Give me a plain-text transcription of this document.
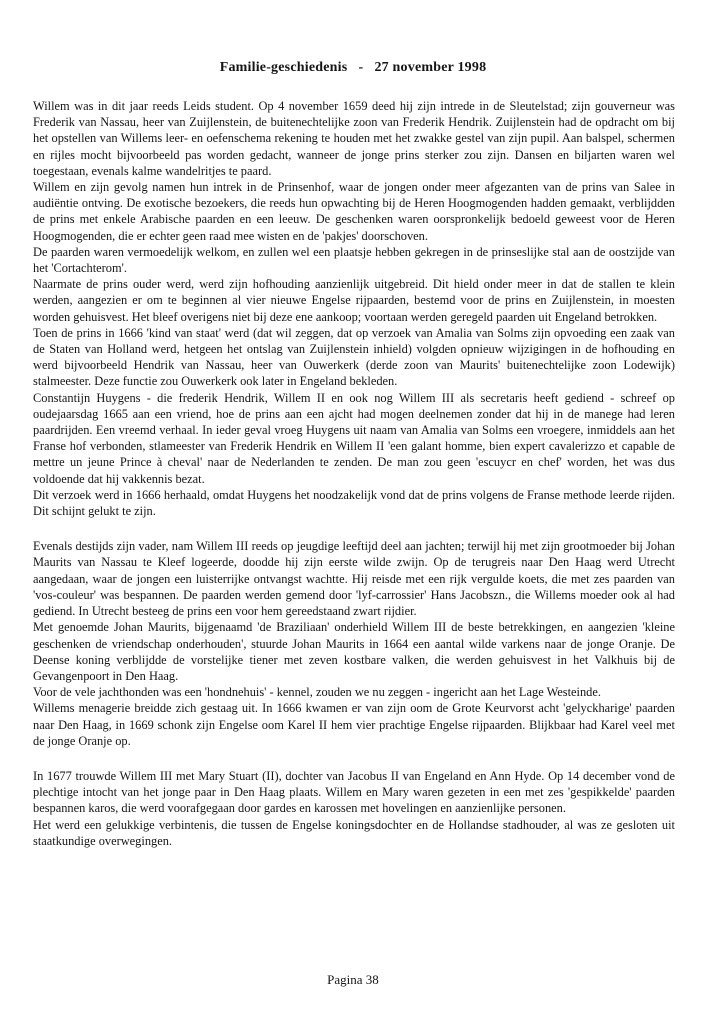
Familie-geschiedenis - 27 november 1998

Willem was in dit jaar reeds Leids student. Op 4 november 1659 deed hij zijn intrede in de Sleutelstad; zijn gouverneur was Frederik van Nassau, heer van Zuijlenstein, de buitenechtelijke zoon van Frederik Hendrik. Zuijlenstein had de opdracht om bij het opstellen van Willems leer- en oefenschema rekening te houden met het zwakke gestel van zijn pupil. Aan balspel, schermen en rijles mocht bijvoorbeeld pas worden gedacht, wanneer de jonge prins sterker zou zijn. Dansen en biljarten waren wel toegestaan, evenals kalme wandelritjes te paard.

Willem en zijn gevolg namen hun intrek in de Prinsenhof, waar de jongen onder meer afgezanten van de prins van Salee in audiëntie ontving. De exotische bezoekers, die reeds hun opwachting bij de Heren Hoogmogenden hadden gemaakt, verblijdden de prins met enkele Arabische paarden en een leeuw. De geschenken waren oorspronkelijk bedoeld geweest voor de Heren Hoogmogenden, die er echter geen raad mee wisten en de 'pakjes' doorschoven.

De paarden waren vermoedelijk welkom, en zullen wel een plaatsje hebben gekregen in de prinseslijke stal aan de oostzijde van het 'Cortachterom'.

Naarmate de prins ouder werd, werd zijn hofhouding aanzienlijk uitgebreid. Dit hield onder meer in dat de stallen te klein werden, aangezien er om te beginnen al vier nieuwe Engelse rijpaarden, bestemd voor de prins en Zuijlenstein, in moesten worden gehuisvest. Het bleef overigens niet bij deze ene aankoop; voortaan werden geregeld paarden uit Engeland betrokken.

Toen de prins in 1666 'kind van staat' werd (dat wil zeggen, dat op verzoek van Amalia van Solms zijn opvoeding een zaak van de Staten van Holland werd, hetgeen het ontslag van Zuijlenstein inhield) volgden opnieuw wijzigingen in de hofhouding en werd bijvoorbeeld Hendrik van Nassau, heer van Ouwerkerk (derde zoon van Maurits' buitenechtelijke zoon Lodewijk) stalmeester. Deze functie zou Ouwerkerk ook later in Engeland bekleden.

Constantijn Huygens - die frederik Hendrik, Willem II en ook nog Willem III als secretaris heeft gediend - schreef op oudejaarsdag 1665 aan een vriend, hoe de prins aan een ajcht had mogen deelnemen zonder dat hij in de manege had leren paardrijden. Een vreemd verhaal. In ieder geval vroeg Huygens uit naam van Amalia van Solms een vroegere, inmiddels aan het Franse hof verbonden, stlameester van Frederik Hendrik en Willem II 'een galant homme, bien expert cavalerizzo et capable de mettre un jeune Prince à cheval' naar de Nederlanden te zenden. De man zou geen 'escuycr en chef' worden, het was dus voldoende dat hij vakkennis bezat.

Dit verzoek werd in 1666 herhaald, omdat Huygens het noodzakelijk vond dat de prins volgens de Franse methode leerde rijden. Dit schijnt gelukt te zijn.

Evenals destijds zijn vader, nam Willem III reeds op jeugdige leeftijd deel aan jachten; terwijl hij met zijn grootmoeder bij Johan Maurits van Nassau te Kleef logeerde, doodde hij zijn eerste wilde zwijn. Op de terugreis naar Den Haag werd Utrecht aangedaan, waar de jongen een luisterrijke ontvangst wachtte. Hij reisde met een rijk vergulde koets, die met zes paarden van 'vos-couleur' was bespannen. De paarden werden gemend door 'lyf-carrossier' Hans Jacobszn., die Willems moeder ook al had gediend. In Utrecht besteeg de prins een voor hem gereedstaand zwart rijdier.

Met genoemde Johan Maurits, bijgenaamd 'de Braziliaan' onderhield Willem III de beste betrekkingen, en aangezien 'kleine geschenken de vriendschap onderhouden', stuurde Johan Maurits in 1664 een aantal wilde varkens naar de jonge Oranje. De Deense koning verblijdde de vorstelijke tiener met zeven kostbare valken, die werden gehuisvest in het Valkhuis bij de Gevangenpoort in Den Haag.

Voor de vele jachthonden was een 'hondnehuis' - kennel, zouden we nu zeggen - ingericht aan het Lage Westeinde.

Willems menagerie breidde zich gestaag uit. In 1666 kwamen er van zijn oom de Grote Keurvorst acht 'gelyckharige' paarden naar Den Haag, in 1669 schonk zijn Engelse oom Karel II hem vier prachtige Engelse rijpaarden. Blijkbaar had Karel veel met de jonge Oranje op.

In 1677 trouwde Willem III met Mary Stuart (II), dochter van Jacobus II van Engeland en Ann Hyde. Op 14 december vond de plechtige intocht van het jonge paar in Den Haag plaats. Willem en Mary waren gezeten in een met zes 'gespikkelde' paarden bespannen karos, die werd voorafgegaan door gardes en karossen met hovelingen en aanzienlijke personen.

Het werd een gelukkige verbintenis, die tussen de Engelse koningsdochter en de Hollandse stadhouder, al was ze gesloten uit staatkundige overwegingen.

Pagina 38
